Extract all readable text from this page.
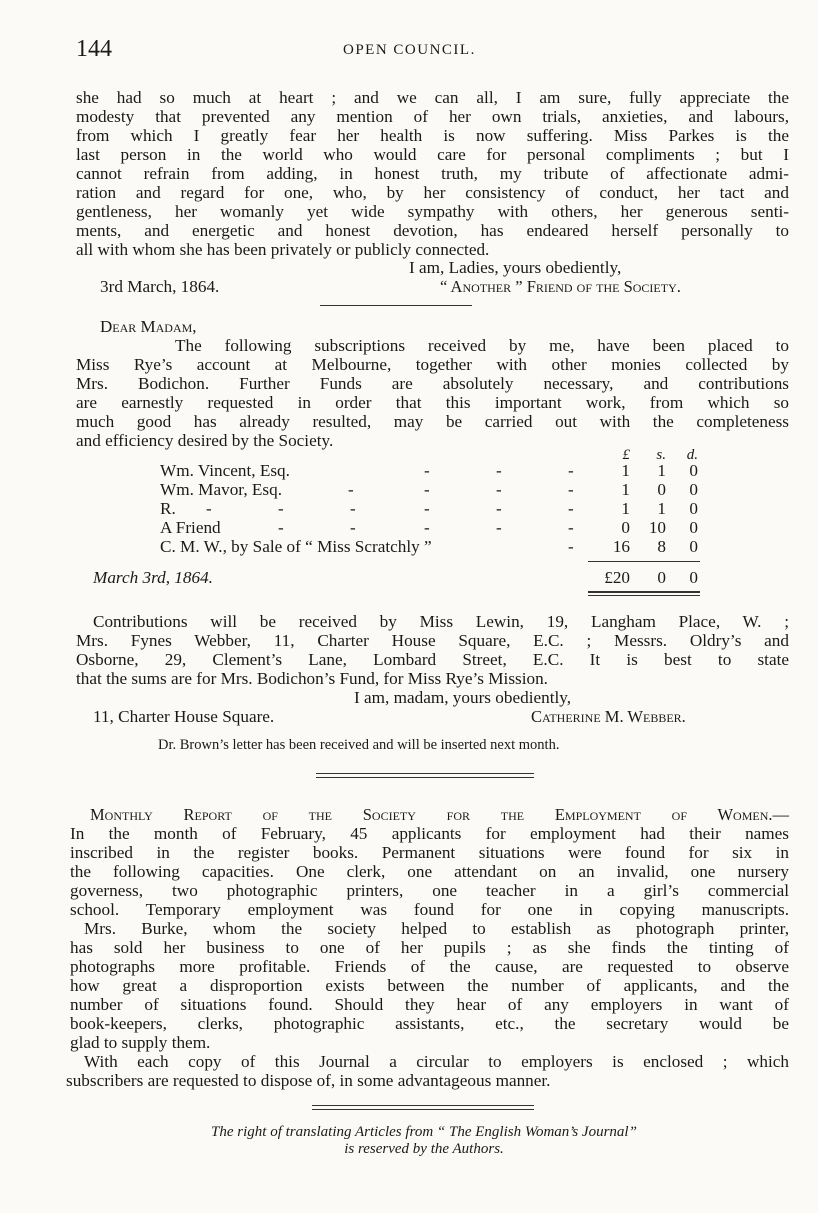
144	OPEN COUNCIL.
she had so much at heart ; and we can all, I am sure, fully appreciate the
modesty that prevented any mention of her own trials, anxieties, and labours,
from which I greatly fear her health is now suffering. Miss Parkes is the
last person in the world who would care for personal compliments ; but I
cannot refrain from adding, in honest truth, my tribute of affectionate admi-
ration and regard for one, who, by her consistency of conduct, her tact and
gentleness, her womanly yet wide sympathy with others, her generous senti-
ments, and energetic and honest devotion, has endeared herself personally to
all with whom she has been privately or publicly connected.
I am, Ladies, yours obediently,
3rd March, 1864.	“ Another ” Friend of the Society.
Dear Madam,
The following subscriptions received by me, have been placed to
Miss Rye’s account at Melbourne, together with other monies collected by
Mrs. Bodichon. Further Funds are absolutely necessary, and contributions
are earnestly requested in order that this important work, from which so
much good has already resulted, may be carried out with the completeness
and efficiency desired by the Society.
£	s.	d.
Wm. Vincent, Esq.	-	-	-	1	1	0
Wm. Mavor, Esq.	-	-	-	-	1	0	0
R. -	-	-	-	-	-	1	1	0
A Friend	-	-	-	-	-	0	10	0
C. M. W., by Sale of “ Miss Scratchly ”	-	16	8	0
March 3rd, 1864.	£20	0	0
Contributions will be received by Miss Lewin, 19, Langham Place, W. ;
Mrs. Fynes Webber, 11, Charter House Square, E.C. ; Messrs. Oldry’s and
Osborne, 29, Clement’s Lane, Lombard Street, E.C. It is best to state
that the sums are for Mrs. Bodichon’s Fund, for Miss Rye’s Mission.
I am, madam, yours obediently,
11, Charter House Square.	Catherine M. Webber.
Dr. Brown’s letter has been received and will be inserted next month.
Monthly Report of the Society for the Employment of Women.—
In the month of February, 45 applicants for employment had their names
inscribed in the register books. Permanent situations were found for six in
the following capacities. One clerk, one attendant on an invalid, one nursery
governess, two photographic printers, one teacher in a girl’s commercial
school. Temporary employment was found for one in copying manuscripts.
Mrs. Burke, whom the society helped to establish as photograph printer,
has sold her business to one of her pupils ; as she finds the tinting of
photographs more profitable. Friends of the cause, are requested to observe
how great a disproportion exists between the number of applicants, and the
number of situations found. Should they hear of any employers in want of
book-keepers, clerks, photographic assistants, etc., the secretary would be
glad to supply them.
With each copy of this Journal a circular to employers is enclosed ; which
subscribers are requested to dispose of, in some advantageous manner.
The right of translating Articles from “ The English Woman’s Journal”
is reserved by the Authors.
